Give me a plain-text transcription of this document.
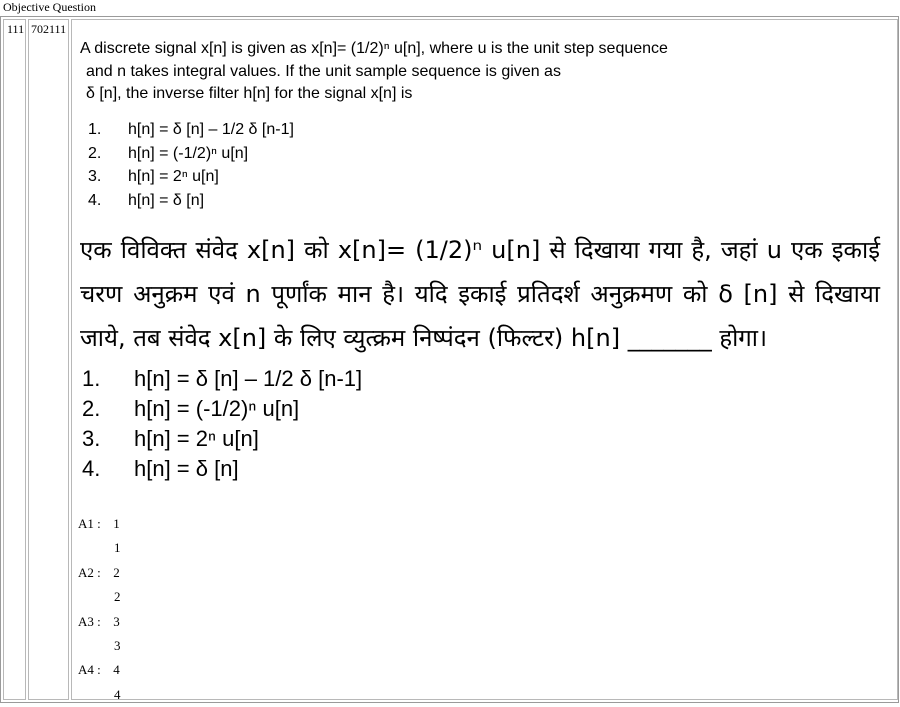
Objective Question
111 702111
A discrete signal x[n] is given as x[n]= (1/2)ⁿ u[n], where u is the unit step sequence
and n takes integral values. If the unit sample sequence is given as
δ [n], the inverse filter h[n] for the signal x[n] is
1. h[n] = δ [n] – 1/2 δ [n-1]
2. h[n] = (-1/2)ⁿ u[n]
3. h[n] = 2ⁿ u[n]
4. h[n] = δ [n]
एक विविक्त संवेद x[n] को x[n]= (1/2)ⁿ u[n] से दिखाया गया है, जहां u एक इकाई
चरण अनुक्रम एवं n पूर्णांक मान है। यदि इकाई प्रतिदर्श अनुक्रमण को δ [n] से दिखाया
जाये, तब संवेद x[n] के लिए व्युत्क्रम निष्पंदन (फिल्टर) h[n] _______ होगा।
1. h[n] = δ [n] – 1/2 δ [n-1]
2. h[n] = (-1/2)ⁿ u[n]
3. h[n] = 2ⁿ u[n]
4. h[n] = δ [n]
A1 : 1
1
A2 : 2
2
A3 : 3
3
A4 : 4
4
